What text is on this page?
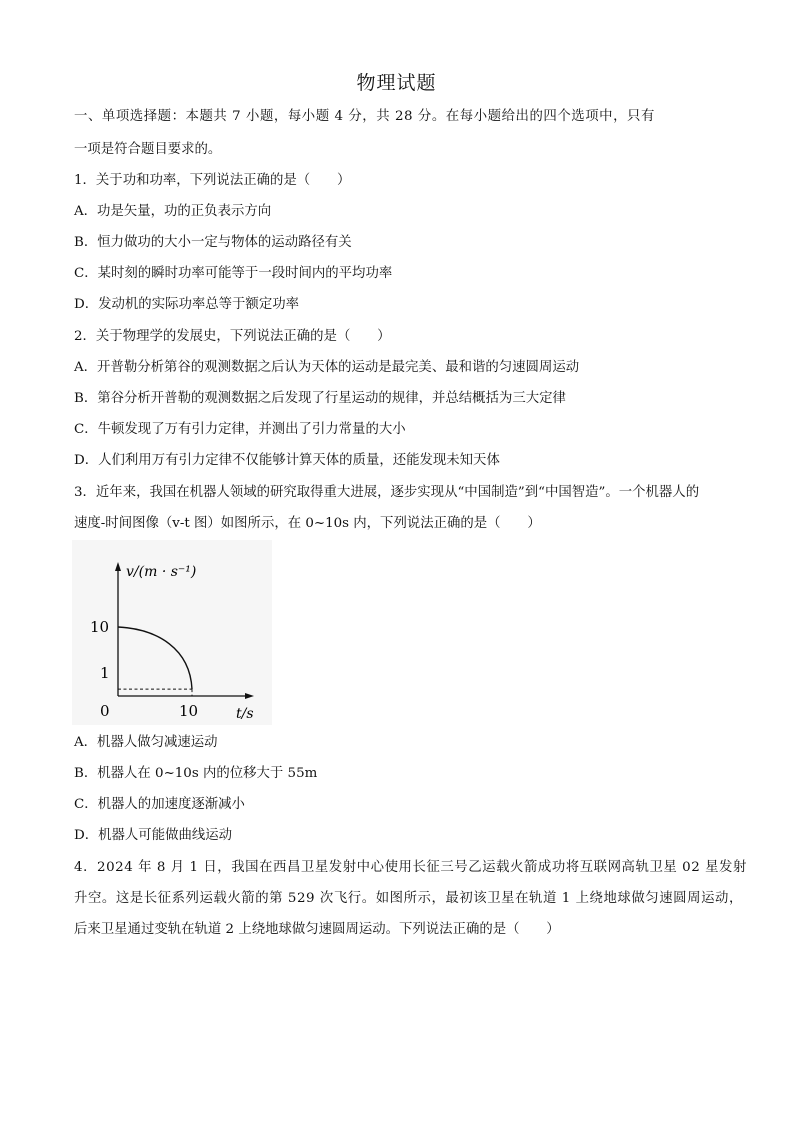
物理试题
一、单项选择题：本题共 7 小题，每小题 4 分，共 28 分。在每小题给出的四个选项中，只有
一项是符合题目要求的。
1．关于功和功率，下列说法正确的是（　　）
A．功是矢量，功的正负表示方向
B．恒力做功的大小一定与物体的运动路径有关
C．某时刻的瞬时功率可能等于一段时间内的平均功率
D．发动机的实际功率总等于额定功率
2．关于物理学的发展史，下列说法正确的是（　　）
A．开普勒分析第谷的观测数据之后认为天体的运动是最完美、最和谐的匀速圆周运动
B．第谷分析开普勒的观测数据之后发现了行星运动的规律，并总结概括为三大定律
C．牛顿发现了万有引力定律，并测出了引力常量的大小
D．人们利用万有引力定律不仅能够计算天体的质量，还能发现未知天体
3．近年来，我国在机器人领域的研究取得重大进展，逐步实现从“中国制造”到“中国智造”。一个机器人的
速度-时间图像（v-t 图）如图所示，在 0~10s 内，下列说法正确的是（　　）
v/(m · s⁻¹)
10
1
0	10	t/s
A．机器人做匀减速运动
B．机器人在 0~10s 内的位移大于 55m
C．机器人的加速度逐渐减小
D．机器人可能做曲线运动
4．2024 年 8 月 1 日，我国在西昌卫星发射中心使用长征三号乙运载火箭成功将互联网高轨卫星 02 星发射
升空。这是长征系列运载火箭的第 529 次飞行。如图所示，最初该卫星在轨道 1 上绕地球做匀速圆周运动，
后来卫星通过变轨在轨道 2 上绕地球做匀速圆周运动。下列说法正确的是（　　）
